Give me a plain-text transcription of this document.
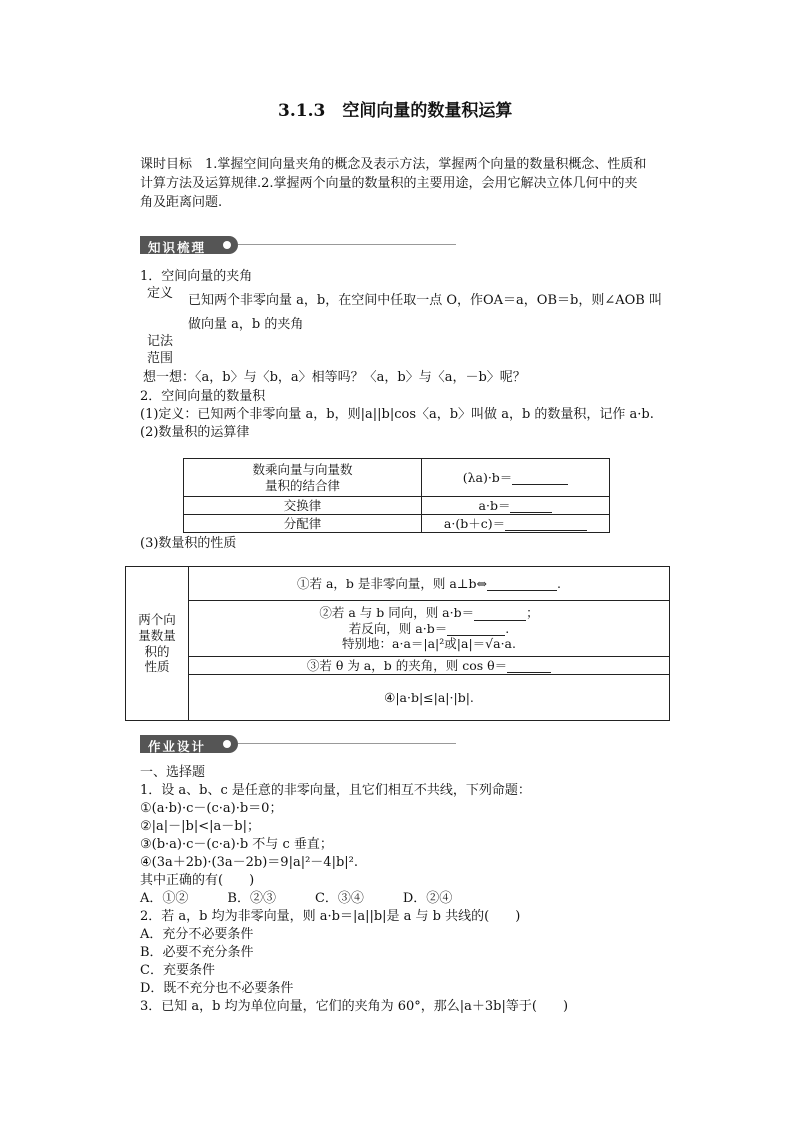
3.1.3　空间向量的数量积运算
课时目标　1.掌握空间向量夹角的概念及表示方法，掌握两个向量的数量积概念、性质和
计算方法及运算规律.2.掌握两个向量的数量积的主要用途，会用它解决立体几何中的夹
角及距离问题.
知识梳理
1．空间向量的夹角
定义 已知两个非零向量 a，b，在空间中任取一点 O，作OA＝a，OB＝b，则∠AOB 叫
做向量 a，b 的夹角
记法
范围
想一想：〈a，b〉与〈b，a〉相等吗？〈a，b〉与〈a，－b〉呢？
2．空间向量的数量积
(1)定义：已知两个非零向量 a，b，则|a||b|cos〈a，b〉叫做 a，b 的数量积，记作 a·b.
(2)数量积的运算律
数乘向量与向量数
量积的结合律	(λa)·b＝
交换律	a·b＝
分配律	a·(b＋c)＝
(3)数量积的性质
两个向
量数量
积的
性质
	①若 a，b 是非零向量，则 a⊥b⇔	.

②若 a 与 b 同向，则 a·b＝	；
若反向，则 a·b＝	.
特别地：a·a＝|a|²或|a|＝√a·a.

③若 θ 为 a，b 的夹角，则 cos θ＝
④|a·b|≤|a|·|b|.
作业设计
一、选择题
1．设 a、b、c 是任意的非零向量，且它们相互不共线，下列命题：
①(a·b)·c－(c·a)·b＝0；
②|a|－|b|<|a－b|；
③(b·a)·c－(c·a)·b 不与 c 垂直；
④(3a＋2b)·(3a－2b)＝9|a|²－4|b|².
其中正确的有(　　)
A．①②　　　B．②③　　　C．③④　　　D．②④
2．若 a，b 均为非零向量，则 a·b＝|a||b|是 a 与 b 共线的(　　)
A．充分不必要条件
B．必要不充分条件
C．充要条件
D．既不充分也不必要条件
3．已知 a，b 均为单位向量，它们的夹角为 60°，那么|a＋3b|等于(　　)
